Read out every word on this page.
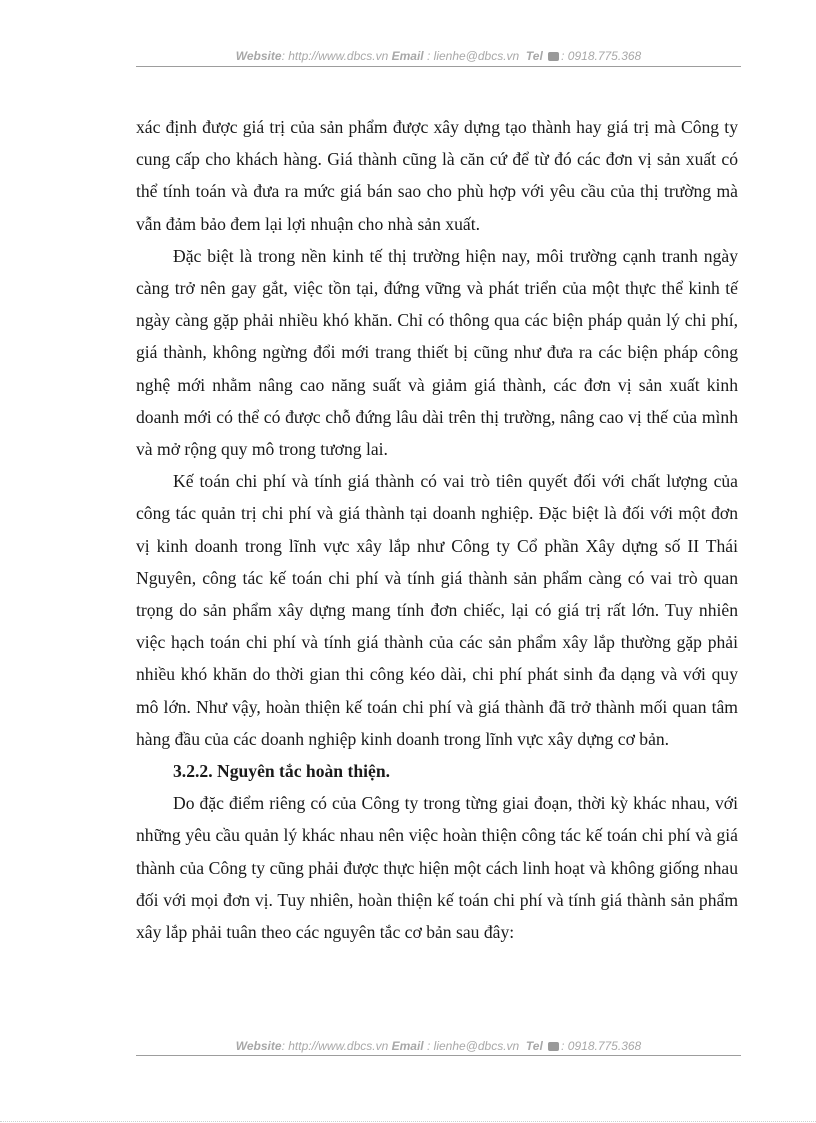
Website: http://www.dbcs.vn Email : lienhe@dbcs.vn Tel : 0918.775.368

xác định được giá trị của sản phẩm được xây dựng tạo thành hay giá trị mà Công ty cung cấp cho khách hàng. Giá thành cũng là căn cứ để từ đó các đơn vị sản xuất có thể tính toán và đưa ra mức giá bán sao cho phù hợp với yêu cầu của thị trường mà vẫn đảm bảo đem lại lợi nhuận cho nhà sản xuất.

Đặc biệt là trong nền kinh tế thị trường hiện nay, môi trường cạnh tranh ngày càng trở nên gay gắt, việc tồn tại, đứng vững và phát triển của một thực thể kinh tế ngày càng gặp phải nhiều khó khăn. Chỉ có thông qua các biện pháp quản lý chi phí, giá thành, không ngừng đổi mới trang thiết bị cũng như đưa ra các biện pháp công nghệ mới nhằm nâng cao năng suất và giảm giá thành, các đơn vị sản xuất kinh doanh mới có thể có được chỗ đứng lâu dài trên thị trường, nâng cao vị thế của mình và mở rộng quy mô trong tương lai.

Kế toán chi phí và tính giá thành có vai trò tiên quyết đối với chất lượng của công tác quản trị chi phí và giá thành tại doanh nghiệp. Đặc biệt là đối với một đơn vị kinh doanh trong lĩnh vực xây lắp như Công ty Cổ phần Xây dựng số II Thái Nguyên, công tác kế toán chi phí và tính giá thành sản phẩm càng có vai trò quan trọng do sản phẩm xây dựng mang tính đơn chiếc, lại có giá trị rất lớn. Tuy nhiên việc hạch toán chi phí và tính giá thành của các sản phẩm xây lắp thường gặp phải nhiều khó khăn do thời gian thi công kéo dài, chi phí phát sinh đa dạng và với quy mô lớn. Như vậy, hoàn thiện kế toán chi phí và giá thành đã trở thành mối quan tâm hàng đầu của các doanh nghiệp kinh doanh trong lĩnh vực xây dựng cơ bản.

3.2.2. Nguyên tắc hoàn thiện.

Do đặc điểm riêng có của Công ty trong từng giai đoạn, thời kỳ khác nhau, với những yêu cầu quản lý khác nhau nên việc hoàn thiện công tác kế toán chi phí và giá thành của Công ty cũng phải được thực hiện một cách linh hoạt và không giống nhau đối với mọi đơn vị. Tuy nhiên, hoàn thiện kế toán chi phí và tính giá thành sản phẩm xây lắp phải tuân theo các nguyên tắc cơ bản sau đây:

Website: http://www.dbcs.vn Email : lienhe@dbcs.vn Tel : 0918.775.368
